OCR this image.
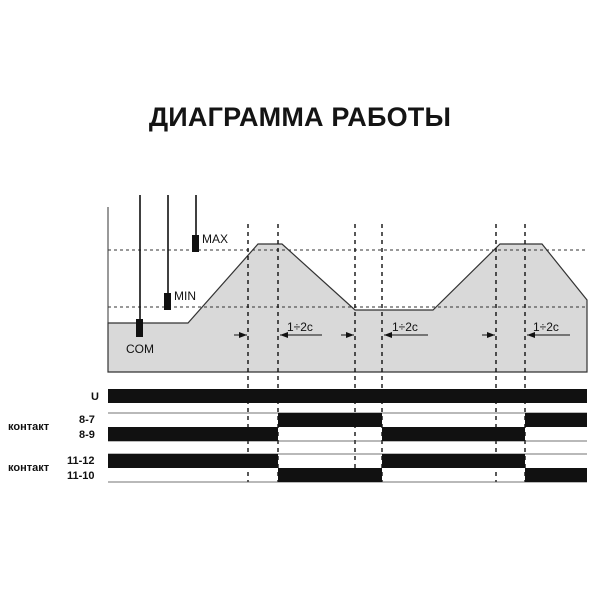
ДИАГРАММА РАБОТЫ
COM
MIN
MAX
1÷2c	1÷2c	1÷2c
U
контакт
8-7
8-9
контакт
11-12
11-10
